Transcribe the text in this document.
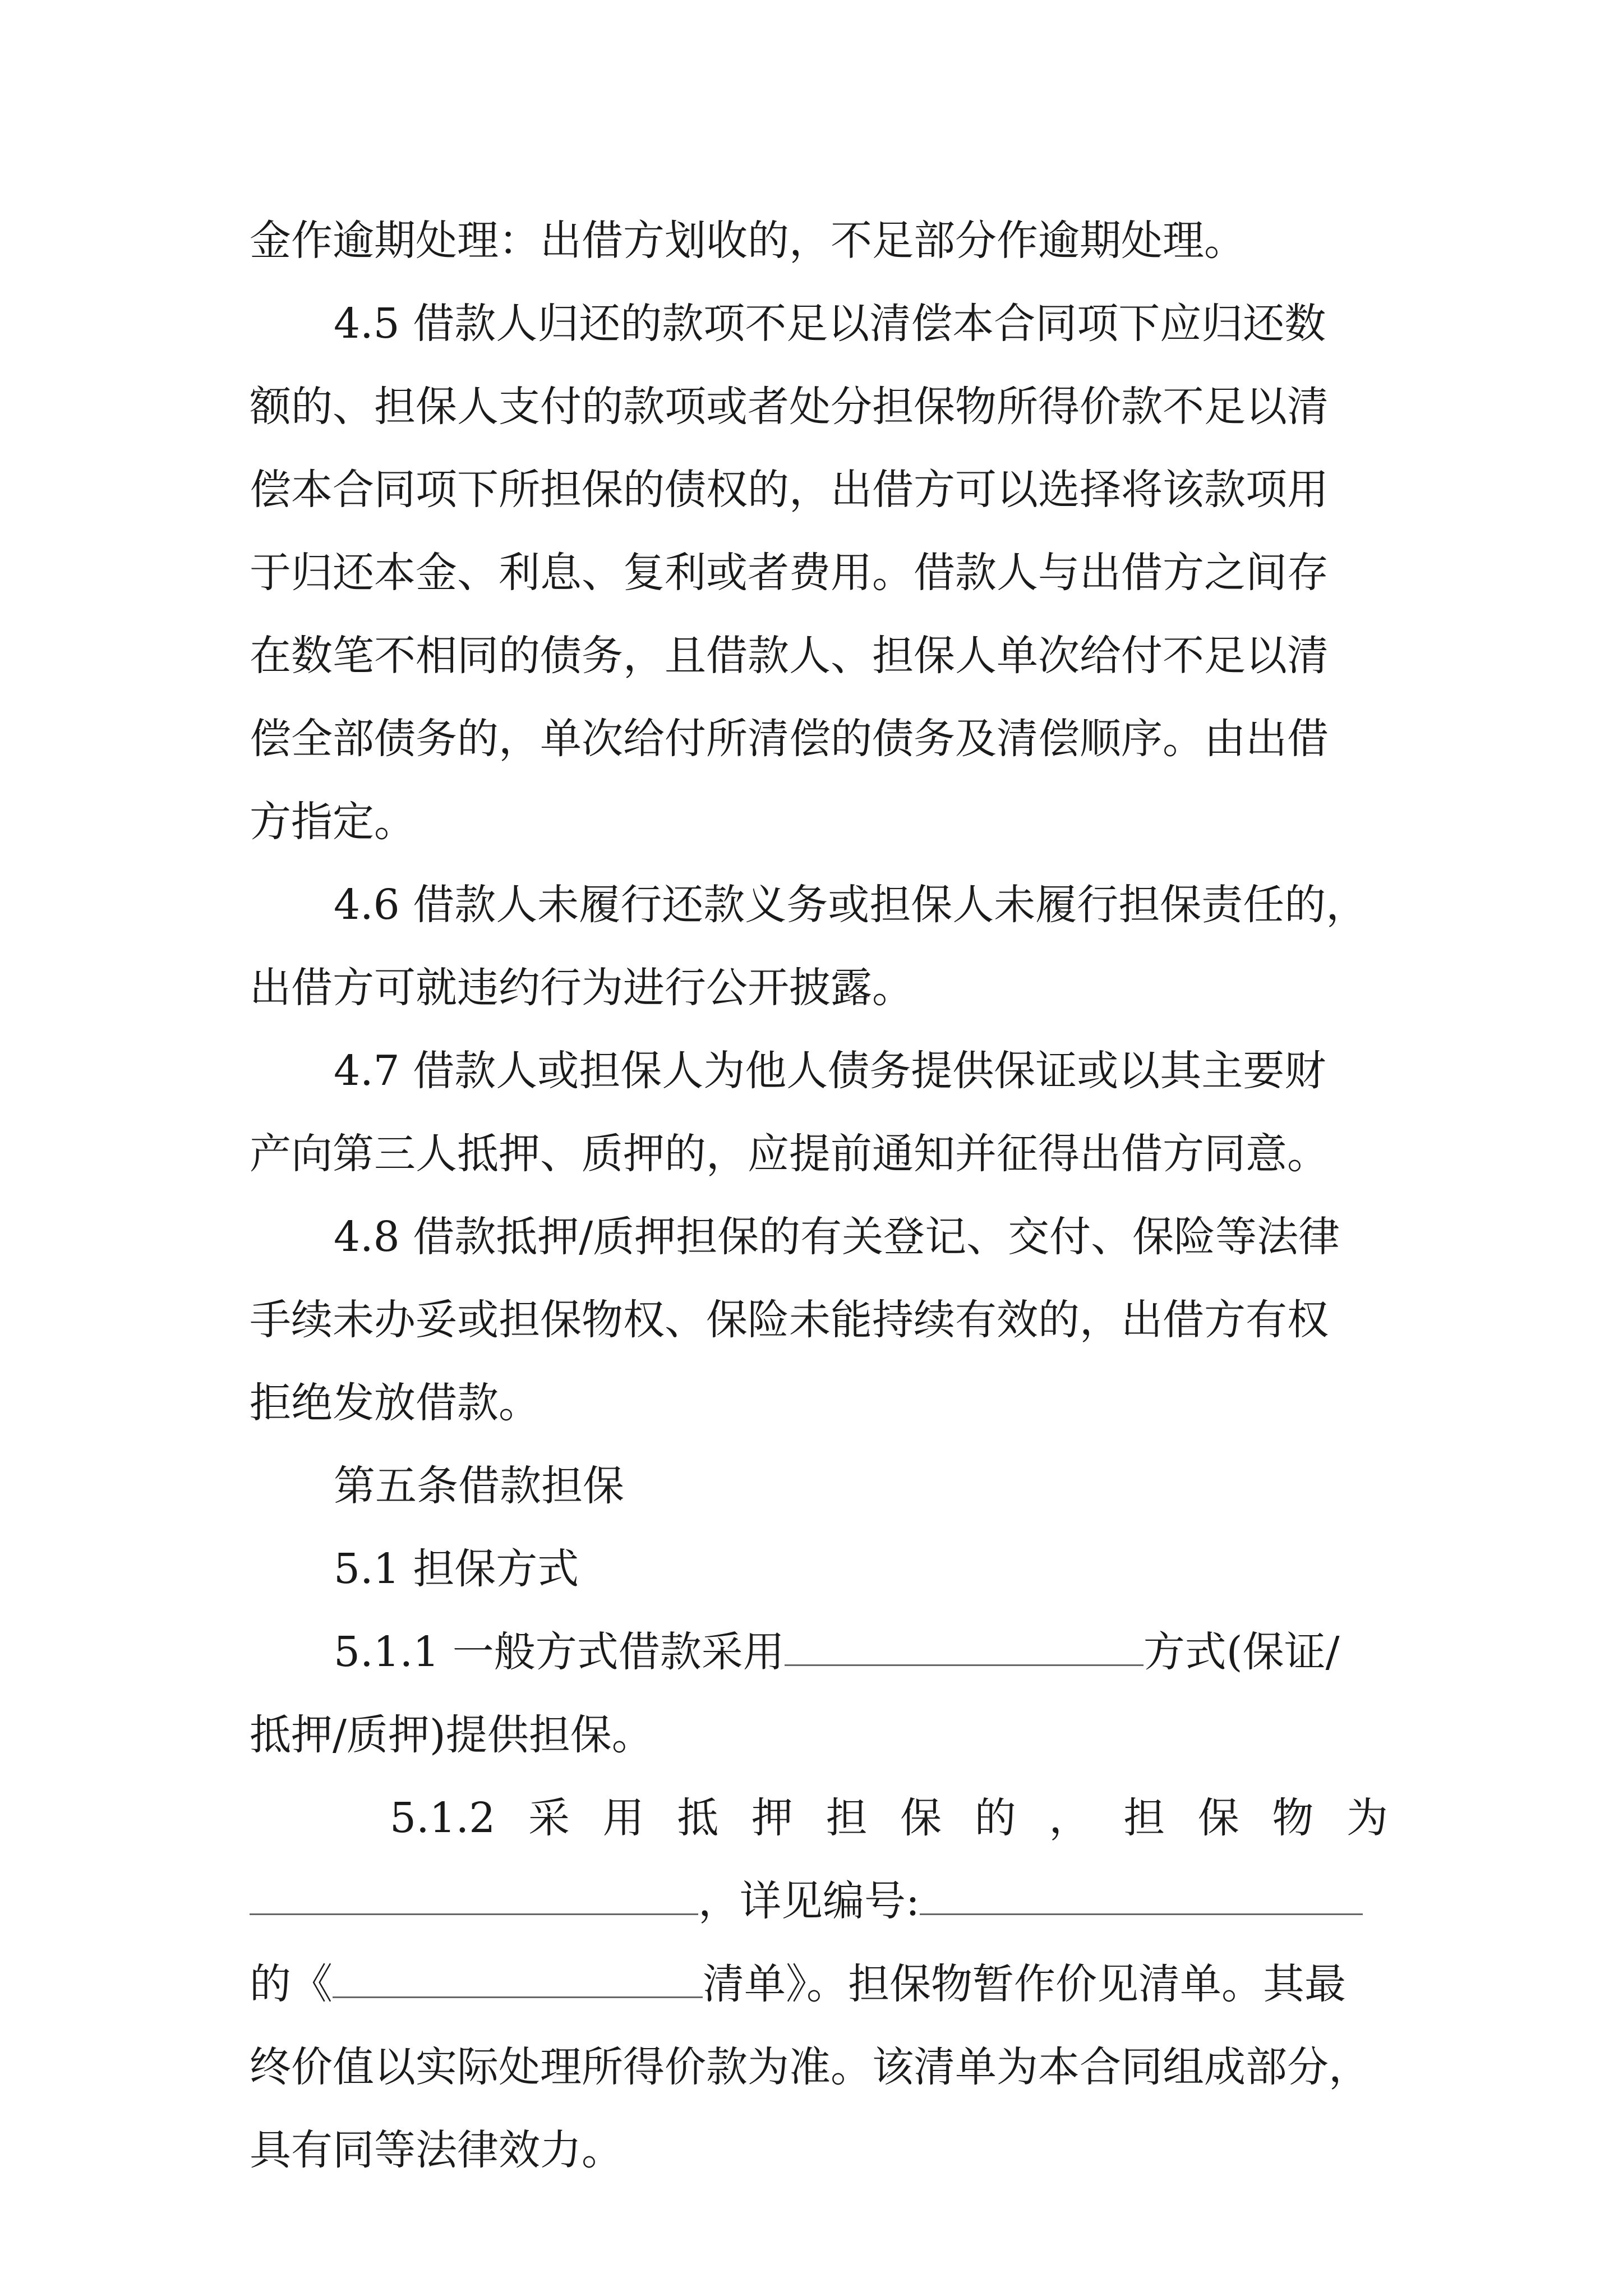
金作逾期处理：出借方划收的，不足部分作逾期处理。
4.5 借款人归还的款项不足以清偿本合同项下应归还数
额的、担保人支付的款项或者处分担保物所得价款不足以清
偿本合同项下所担保的债权的，出借方可以选择将该款项用
于归还本金、利息、复利或者费用。借款人与出借方之间存
在数笔不相同的债务，且借款人、担保人单次给付不足以清
偿全部债务的，单次给付所清偿的债务及清偿顺序。由出借
方指定。
4.6 借款人未履行还款义务或担保人未履行担保责任的，
出借方可就违约行为进行公开披露。
4.7 借款人或担保人为他人债务提供保证或以其主要财
产向第三人抵押、质押的，应提前通知并征得出借方同意。
4.8 借款抵押/质押担保的有关登记、交付、保险等法律
手续未办妥或担保物权、保险未能持续有效的，出借方有权
拒绝发放借款。
第五条借款担保
5.1 担保方式
5.1.1 一般方式借款采用	方式(保证/
抵押/质押)提供担保。
5.1.2 采 用 抵 押 担 保 的 ， 担 保 物 为
，详见编号:
的《	清单》。担保物暂作价见清单。其最
终价值以实际处理所得价款为准。该清单为本合同组成部分，
具有同等法律效力。
